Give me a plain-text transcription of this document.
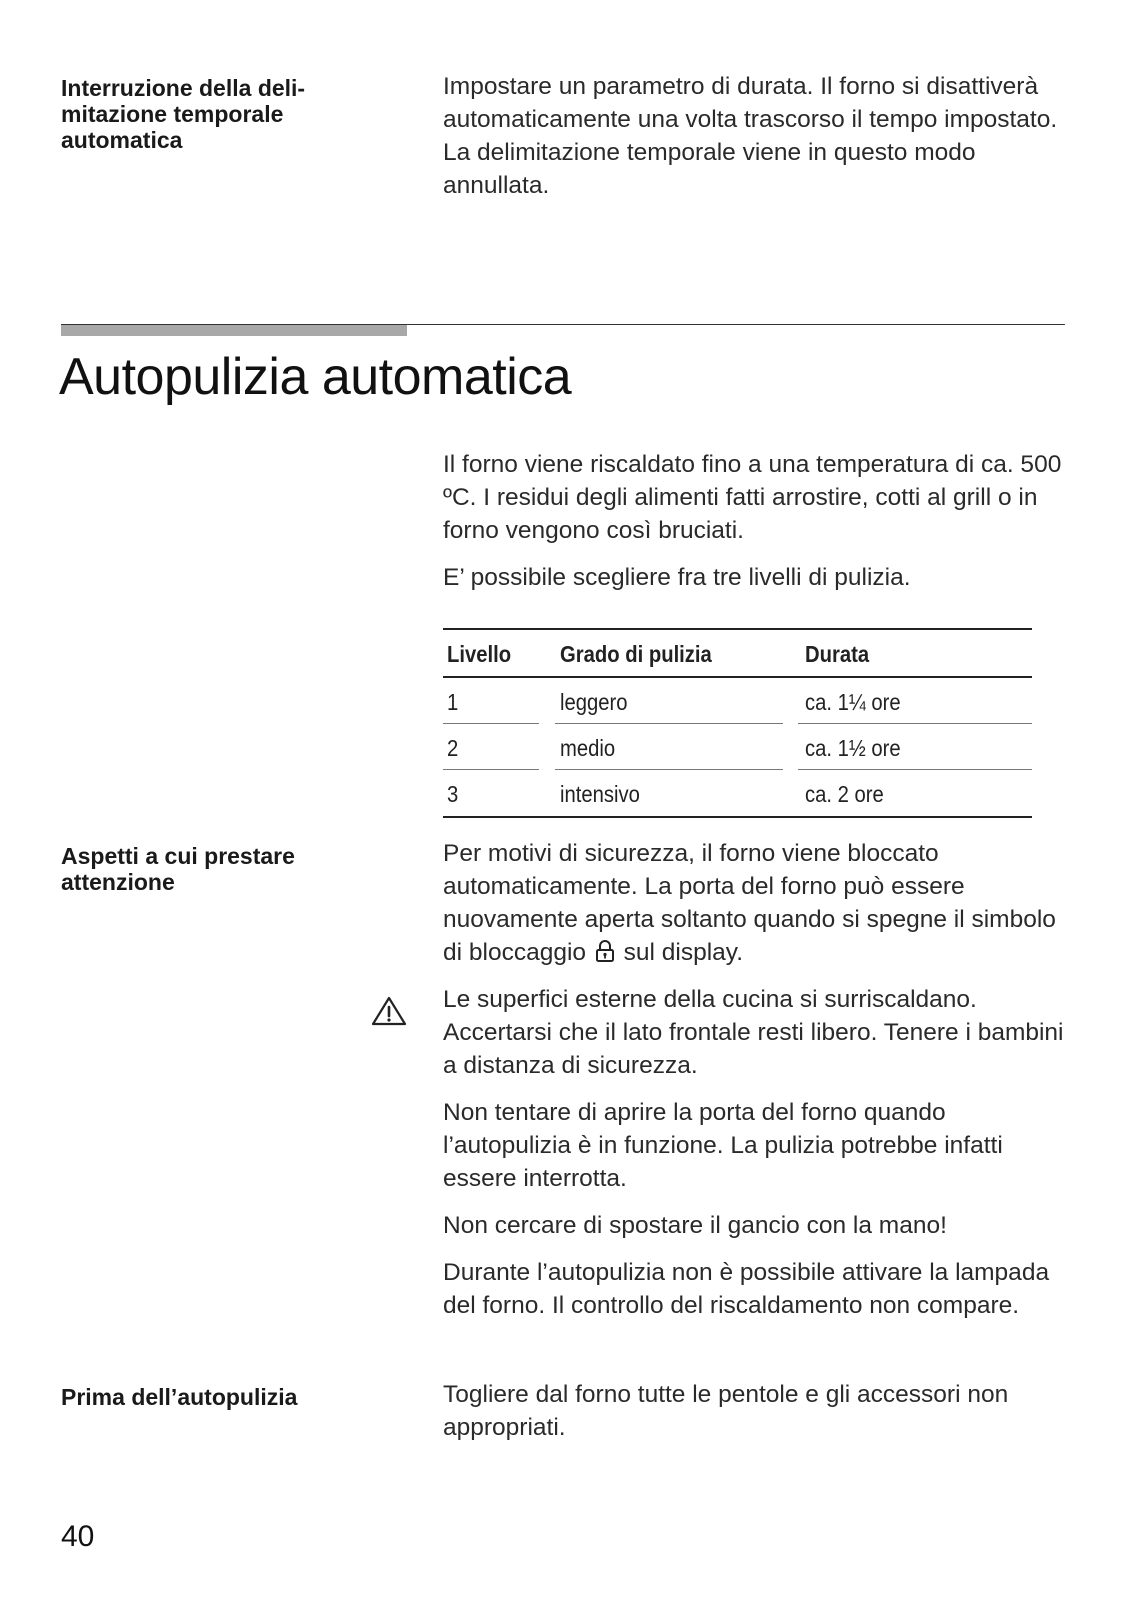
Interruzione della deli-
mitazione temporale
automatica

Impostare un parametro di durata. Il forno si disattiverà automaticamente una volta trascorso il tempo impostato.

La delimitazione temporale viene in questo modo annullata.

Autopulizia automatica

Il forno viene riscaldato fino a una temperatura di ca. 500 ºC. I residui degli alimenti fatti arrostire, cotti al grill o in forno vengono così bruciati.

E’ possibile scegliere fra tre livelli di pulizia.

Livello	Grado di pulizia	Durata
1	leggero	ca. 1¼ ore
2	medio	ca. 1½ ore
3	intensivo	ca. 2 ore

Aspetti a cui prestare
attenzione

Per motivi di sicurezza, il forno viene bloccato automaticamente. La porta del forno può essere nuovamente aperta soltanto quando si spegne il simbolo di bloccaggio sul display.

Le superfici esterne della cucina si surriscaldano. Accertarsi che il lato frontale resti libero. Tenere i bambini a distanza di sicurezza.

Non tentare di aprire la porta del forno quando l’autopulizia è in funzione. La pulizia potrebbe infatti essere interrotta.

Non cercare di spostare il gancio con la mano!

Durante l’autopulizia non è possibile attivare la lampada del forno. Il controllo del riscaldamento non compare.

Prima dell’autopulizia	Togliere dal forno tutte le pentole e gli accessori non appropriati.

40
